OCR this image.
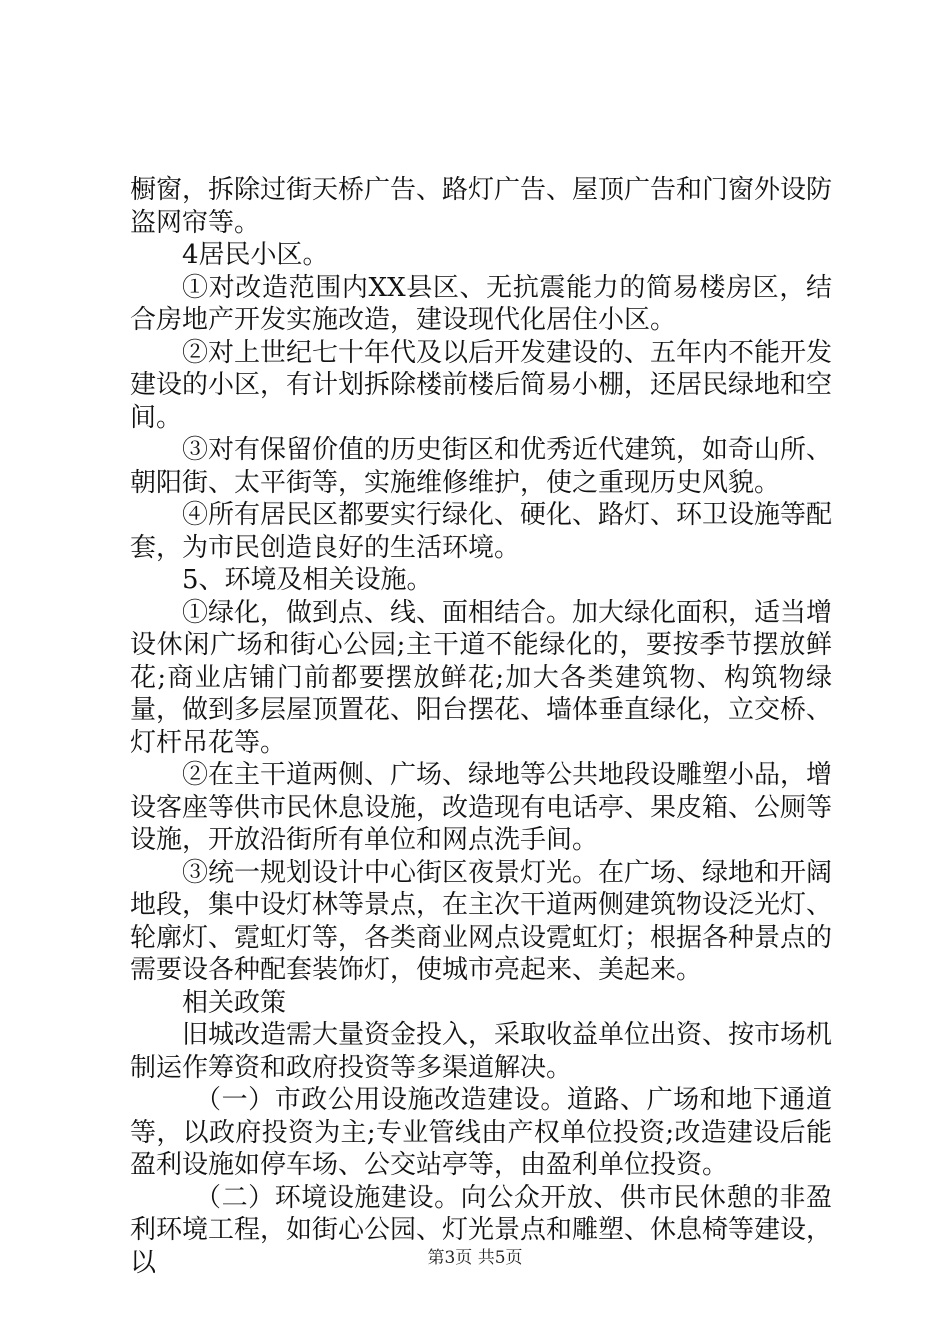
橱窗，拆除过街天桥广告、路灯广告、屋顶广告和门窗外设防盗网帘等。

4居民小区。

①对改造范围内XX县区、无抗震能力的简易楼房区，结合房地产开发实施改造，建设现代化居住小区。

②对上世纪七十年代及以后开发建设的、五年内不能开发建设的小区，有计划拆除楼前楼后简易小棚，还居民绿地和空间。

③对有保留价值的历史街区和优秀近代建筑，如奇山所、朝阳街、太平街等，实施维修维护，使之重现历史风貌。

④所有居民区都要实行绿化、硬化、路灯、环卫设施等配套，为市民创造良好的生活环境。

5、环境及相关设施。

①绿化，做到点、线、面相结合。加大绿化面积，适当增设休闲广场和街心公园;主干道不能绿化的，要按季节摆放鲜花;商业店铺门前都要摆放鲜花;加大各类建筑物、构筑物绿量，做到多层屋顶置花、阳台摆花、墙体垂直绿化，立交桥、灯杆吊花等。

②在主干道两侧、广场、绿地等公共地段设雕塑小品，增设客座等供市民休息设施，改造现有电话亭、果皮箱、公厕等设施，开放沿街所有单位和网点洗手间。

③统一规划设计中心街区夜景灯光。在广场、绿地和开阔地段，集中设灯林等景点，在主次干道两侧建筑物设泛光灯、轮廓灯、霓虹灯等，各类商业网点设霓虹灯；根据各种景点的需要设各种配套装饰灯，使城市亮起来、美起来。

相关政策

旧城改造需大量资金投入，采取收益单位出资、按市场机制运作筹资和政府投资等多渠道解决。

（一）市政公用设施改造建设。道路、广场和地下通道等，以政府投资为主;专业管线由产权单位投资;改造建设后能盈利设施如停车场、公交站亭等，由盈利单位投资。

（二）环境设施建设。向公众开放、供市民休憩的非盈利环境工程，如街心公园、灯光景点和雕塑、休息椅等建设，以	第3页 共5页
